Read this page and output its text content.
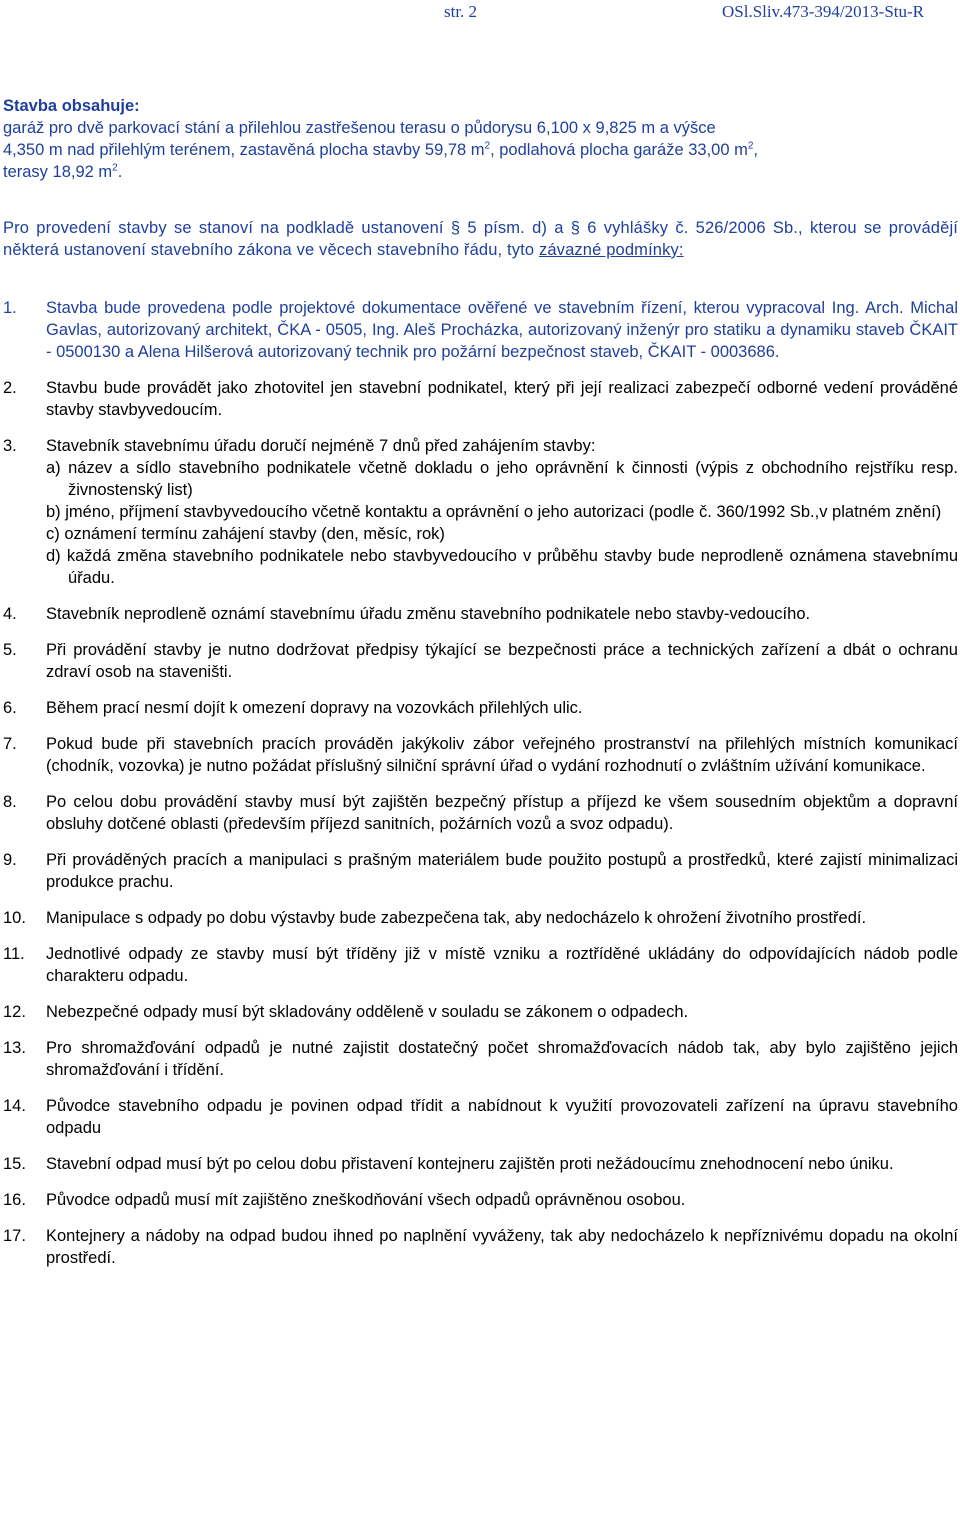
str. 2	OSl.Sliv.473-394/2013-Stu-R

Stavba obsahuje:

garáž pro dvě parkovací stání a přilehlou zastřešenou terasu o půdorysu 6,100 x 9,825 m a výšce
4,350 m nad přilehlým terénem, zastavěná plocha stavby 59,78 $m^2$, podlahová plocha garáže 33,00 $m^2$,
terasy 18,92 $m^2$.

Pro provedení stavby se stanoví na podkladě ustanovení § 5 písm. d) a § 6 vyhlášky č. 526/2006 Sb., kterou se provádějí některá ustanovení stavebního zákona ve věcech stavebního řádu, tyto závazné podmínky:

1.	Stavba bude provedena podle projektové dokumentace ověřené ve stavebním řízení, kterou vypracoval Ing. Arch. Michal Gavlas, autorizovaný architekt, ČKA - 0505, Ing. Aleš Procházka, autorizovaný inženýr pro statiku a dynamiku staveb ČKAIT - 0500130 a Alena Hilšerová autorizovaný technik pro požární bezpečnost staveb, ČKAIT - 0003686.
2.	Stavbu bude provádět jako zhotovitel jen stavební podnikatel, který při její realizaci zabezpečí odborné vedení prováděné stavby stavbyvedoucím.
3.	Stavebník stavebnímu úřadu doručí nejméně 7 dnů před zahájením stavby:
a) název a sídlo stavebního podnikatele včetně dokladu o jeho oprávnění k činnosti (výpis z obchodního rejstříku resp. živnostenský list)
b) jméno, příjmení stavbyvedoucího včetně kontaktu a oprávnění o jeho autorizaci (podle č. 360/1992 Sb.,v platném znění)
c) oznámení termínu zahájení stavby (den, měsíc, rok)
d) každá změna stavebního podnikatele nebo stavbyvedoucího v průběhu stavby bude neprodleně oznámena stavebnímu úřadu.
4.	Stavebník neprodleně oznámí stavebnímu úřadu změnu stavebního podnikatele nebo stavby-vedoucího.
5.	Při provádění stavby je nutno dodržovat předpisy týkající se bezpečnosti práce a technických zařízení a dbát o ochranu zdraví osob na staveništi.
6.	Během prací nesmí dojít k omezení dopravy na vozovkách přilehlých ulic.
7.	Pokud bude při stavebních pracích prováděn jakýkoliv zábor veřejného prostranství na přilehlých místních komunikací (chodník, vozovka) je nutno požádat příslušný silniční správní úřad o vydání rozhodnutí o zvláštním užívání komunikace.
8.	Po celou dobu provádění stavby musí být zajištěn bezpečný přístup a příjezd ke všem sousedním objektům a dopravní obsluhy dotčené oblasti (především příjezd sanitních, požárních vozů a svoz odpadu).
9.	Při prováděných pracích a manipulaci s prašným materiálem bude použito postupů a prostředků, které zajistí minimalizaci produkce prachu.
10.	Manipulace s odpady po dobu výstavby bude zabezpečena tak, aby nedocházelo k ohrožení životního prostředí.
11.	Jednotlivé odpady ze stavby musí být tříděny již v místě vzniku a roztříděné ukládány do odpovídajících nádob podle charakteru odpadu.
12.	Nebezpečné odpady musí být skladovány odděleně v souladu se zákonem o odpadech.
13.	Pro shromažďování odpadů je nutné zajistit dostatečný počet shromažďovacích nádob tak, aby bylo zajištěno jejich shromažďování i třídění.
14.	Původce stavebního odpadu je povinen odpad třídit a nabídnout k využití provozovateli zařízení na úpravu stavebního odpadu
15.	Stavební odpad musí být po celou dobu přistavení kontejneru zajištěn proti nežádoucímu znehodnocení nebo úniku.
16.	Původce odpadů musí mít zajištěno zneškodňování všech odpadů oprávněnou osobou.
17.	Kontejnery a nádoby na odpad budou ihned po naplnění vyváženy, tak aby nedocházelo k nepříznivému dopadu na okolní prostředí.
